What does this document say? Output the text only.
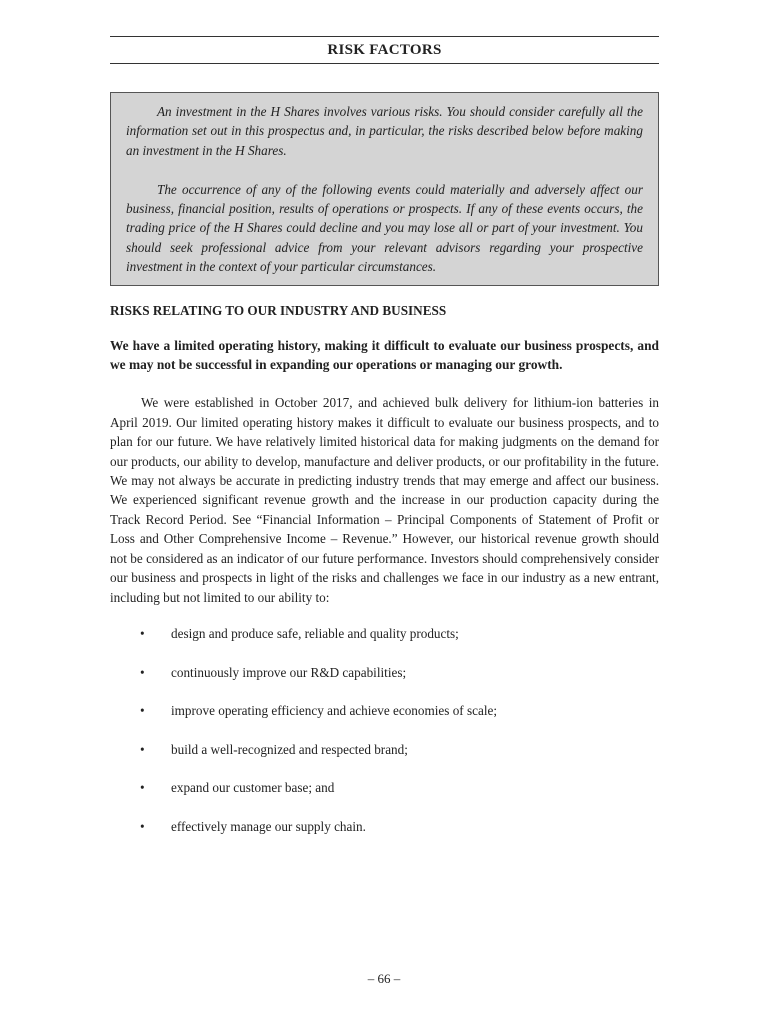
RISK FACTORS

An investment in the H Shares involves various risks. You should consider carefully all the information set out in this prospectus and, in particular, the risks described below before making an investment in the H Shares.

The occurrence of any of the following events could materially and adversely affect our business, financial position, results of operations or prospects. If any of these events occurs, the trading price of the H Shares could decline and you may lose all or part of your investment. You should seek professional advice from your relevant advisors regarding your prospective investment in the context of your particular circumstances.

RISKS RELATING TO OUR INDUSTRY AND BUSINESS
We have a limited operating history, making it difficult to evaluate our business prospects, and we may not be successful in expanding our operations or managing our growth.

We were established in October 2017, and achieved bulk delivery for lithium-ion batteries in April 2019. Our limited operating history makes it difficult to evaluate our business prospects, and to plan for our future. We have relatively limited historical data for making judgments on the demand for our products, our ability to develop, manufacture and deliver products, or our profitability in the future. We may not always be accurate in predicting industry trends that may emerge and affect our business. We experienced significant revenue growth and the increase in our production capacity during the Track Record Period. See “Financial Information – Principal Components of Statement of Profit or Loss and Other Comprehensive Income – Revenue.” However, our historical revenue growth should not be considered as an indicator of our future performance. Investors should comprehensively consider our business and prospects in light of the risks and challenges we face in our industry as a new entrant, including but not limited to our ability to:

• design and produce safe, reliable and quality products;
• continuously improve our R&D capabilities;
• improve operating efficiency and achieve economies of scale;
• build a well-recognized and respected brand;
• expand our customer base; and
• effectively manage our supply chain.
– 66 –
